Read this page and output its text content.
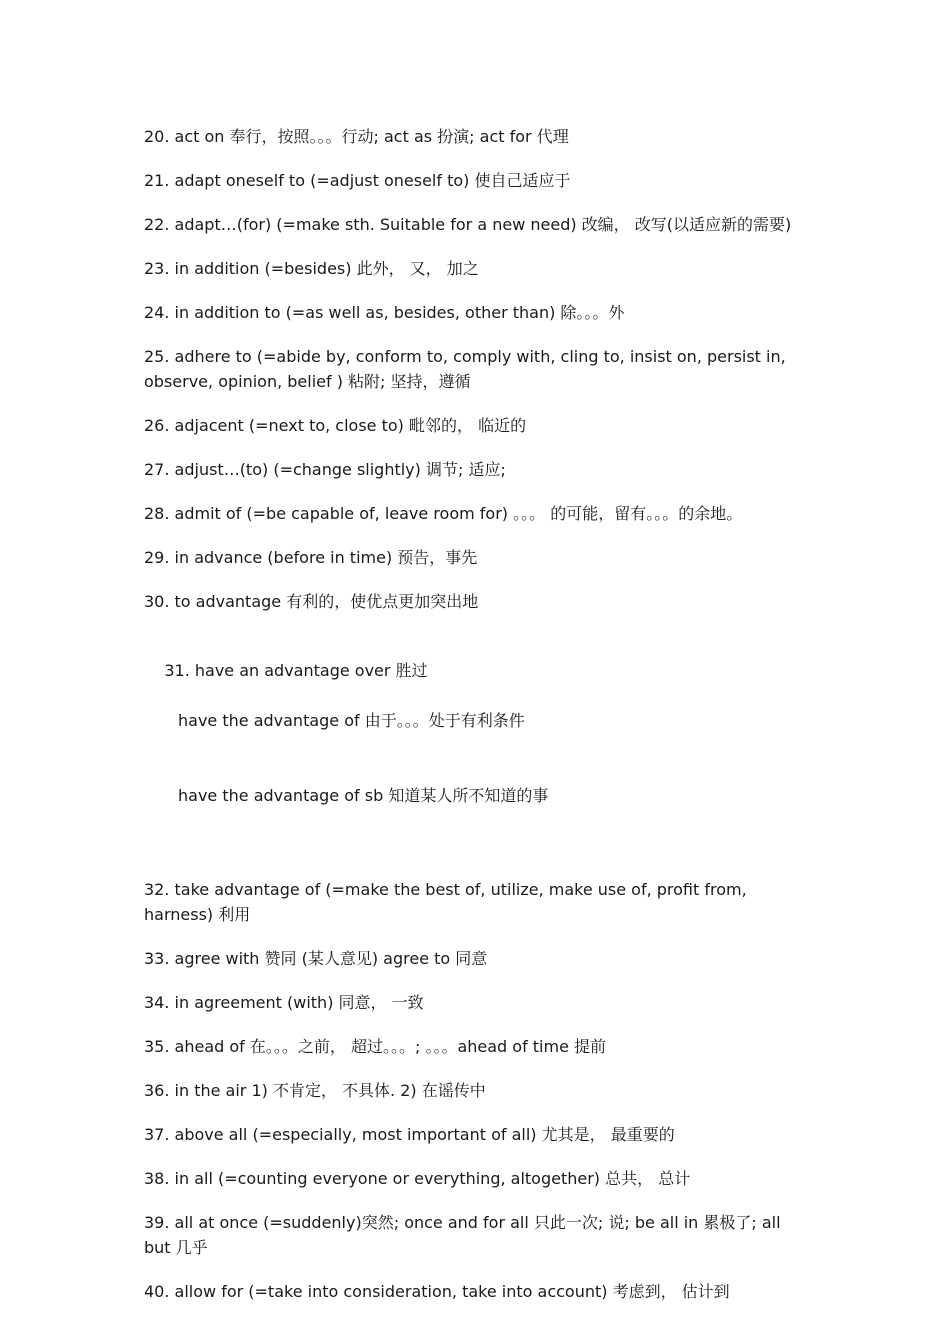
20. act on 奉行，按照。。。行动; act as 扮演; act for 代理

21. adapt oneself to (=adjust oneself to) 使自己适应于

22. adapt…(for) (=make sth. Suitable for a new need) 改编， 改写(以适应新的需要)

23. in addition (=besides) 此外， 又， 加之

24. in addition to (=as well as, besides, other than) 除。。。外

25. adhere to (=abide by, conform to, comply with, cling to, insist on, persist in, observe, opinion, belief ) 粘附; 坚持，遵循

26. adjacent (=next to, close to) 毗邻的， 临近的

27. adjust…(to) (=change slightly) 调节; 适应;

28. admit of (=be capable of, leave room for) 。。。 的可能，留有。。。的余地。

29. in advance (before in time) 预告，事先

30. to advantage 有利的，使优点更加突出地

31. have an advantage over 胜过

have the advantage of 由于。。。处于有利条件

have the advantage of sb 知道某人所不知道的事

32. take advantage of (=make the best of, utilize, make use of, profit from, harness) 利用

33. agree with 赞同 (某人意见) agree to 同意

34. in agreement (with) 同意， 一致

35. ahead of 在。。。之前， 超过。。。; 。。。ahead of time 提前

36. in the air 1) 不肯定， 不具体. 2) 在谣传中

37. above all (=especially, most important of all) 尤其是， 最重要的

38. in all (=counting everyone or everything, altogether) 总共， 总计

39. all at once (=suddenly)突然; once and for all 只此一次; 说; be all in 累极了; all but 几乎

40. allow for (=take into consideration, take into account) 考虑到， 估计到
